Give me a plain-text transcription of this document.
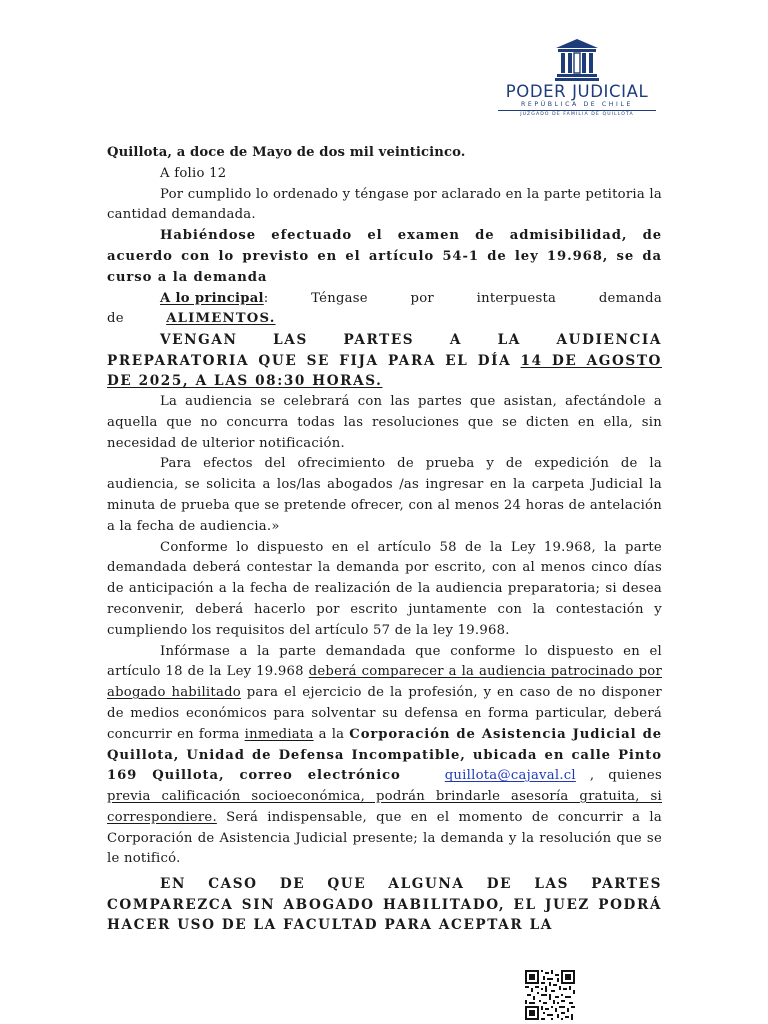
PODER JUDICIAL
REPÚBLICA DE CHILE
JUZGADO DE FAMILIA DE QUILLOTA

Quillota, a doce de Mayo de dos mil veinticinco.

A folio 12

Por cumplido lo ordenado y téngase por aclarado en la parte petitoria la cantidad demandada.

Habiéndose efectuado el examen de admisibilidad, de acuerdo con lo previsto en el artículo 54-1 de ley 19.968, se da curso a la demanda

A lo principal: Téngase por interpuesta demanda de ALIMENTOS.

VENGAN LAS PARTES A LA AUDIENCIA PREPARATORIA QUE SE FIJA PARA EL DÍA 14 DE AGOSTO DE 2025, A LAS 08:30 HORAS.

La audiencia se celebrará con las partes que asistan, afectándole a aquella que no concurra todas las resoluciones que se dicten en ella, sin necesidad de ulterior notificación.

Para efectos del ofrecimiento de prueba y de expedición de la audiencia, se solicita a los/las abogados /as ingresar en la carpeta Judicial la minuta de prueba que se pretende ofrecer, con al menos 24 horas de antelación a la fecha de audiencia.»

Conforme lo dispuesto en el artículo 58 de la Ley 19.968, la parte demandada deberá contestar la demanda por escrito, con al menos cinco días de anticipación a la fecha de realización de la audiencia preparatoria; si desea reconvenir, deberá hacerlo por escrito juntamente con la contestación y cumpliendo los requisitos del artículo 57 de la ley 19.968.

Infórmase a la parte demandada que conforme lo dispuesto en el artículo 18 de la Ley 19.968 deberá comparecer a la audiencia patrocinado por abogado habilitado para el ejercicio de la profesión, y en caso de no disponer de medios económicos para solventar su defensa en forma particular, deberá concurrir en forma inmediata a la Corporación de Asistencia Judicial de Quillota, Unidad de Defensa Incompatible, ubicada en calle Pinto 169 Quillota, correo electrónico	quillota@cajaval.cl , quienes previa calificación socioeconómica, podrán brindarle asesoría gratuita, si correspondiere. Será indispensable, que en el momento de concurrir a la Corporación de Asistencia Judicial presente; la demanda y la resolución que se le notificó.

EN CASO DE QUE ALGUNA DE LAS PARTES COMPAREZCA SIN ABOGADO HABILITADO, EL JUEZ PODRÁ HACER USO DE LA FACULTAD PARA ACEPTAR LA
